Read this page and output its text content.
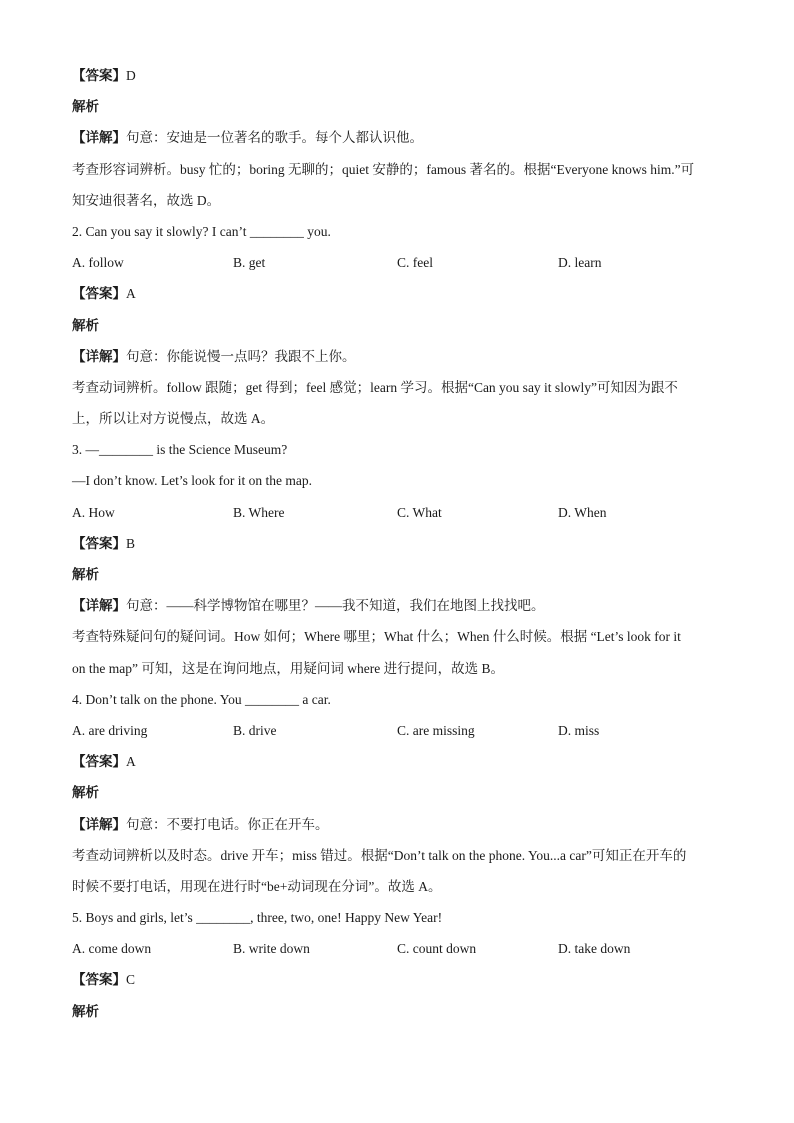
【答案】D
解析
【详解】句意：安迪是一位著名的歌手。每个人都认识他。
考查形容词辨析。busy 忙的；boring 无聊的；quiet 安静的；famous 著名的。根据“Everyone knows him.”可
知安迪很著名，故选 D。
2. Can you say it slowly? I can’t ________ you.
A. follow	B. get	C. feel	D. learn
【答案】A
解析
【详解】句意：你能说慢一点吗？我跟不上你。
考查动词辨析。follow 跟随；get 得到；feel 感觉；learn 学习。根据“Can you say it slowly”可知因为跟不
上，所以让对方说慢点，故选 A。
3. —________ is the Science Museum?
—I don’t know. Let’s look for it on the map.
A. How	B. Where	C. What	D. When
【答案】B
解析
【详解】句意：——科学博物馆在哪里？——我不知道，我们在地图上找找吧。
考查特殊疑问句的疑问词。How 如何；Where 哪里；What 什么；When 什么时候。根据 “Let’s look for it
on the map” 可知，这是在询问地点，用疑问词 where 进行提问，故选 B。
4. Don’t talk on the phone. You ________ a car.
A. are driving	B. drive	C. are missing	D. miss
【答案】A
解析
【详解】句意：不要打电话。你正在开车。
考查动词辨析以及时态。drive 开车；miss 错过。根据“Don’t talk on the phone. You...a car”可知正在开车的
时候不要打电话，用现在进行时“be+动词现在分词”。故选 A。
5. Boys and girls, let’s ________, three, two, one! Happy New Year!
A. come down	B. write down	C. count down	D. take down
【答案】C
解析
